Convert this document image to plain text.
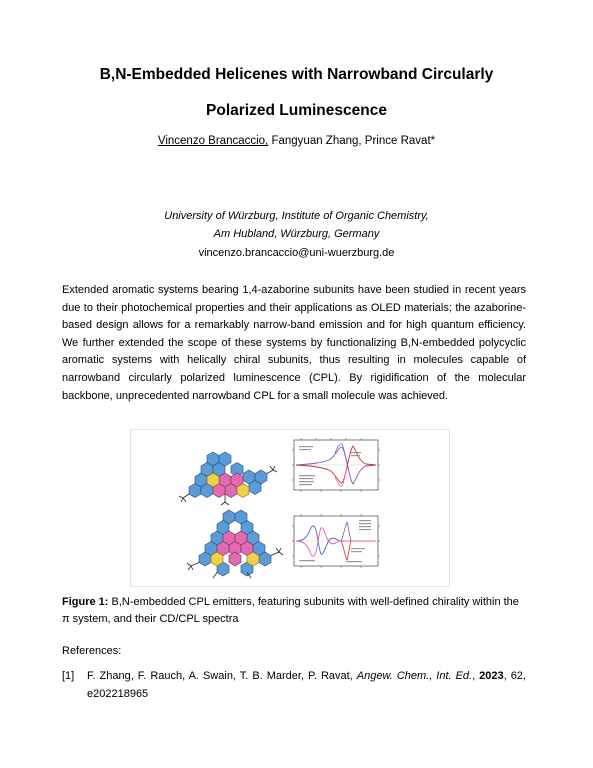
B,N-Embedded Helicenes with Narrowband Circularly
Polarized Luminescence
Vincenzo Brancaccio, Fangyuan Zhang, Prince Ravat*
University of Würzburg, Institute of Organic Chemistry,
Am Hubland, Würzburg, Germany
vincenzo.brancaccio@uni-wuerzburg.de

Extended aromatic systems bearing 1,4-azaborine subunits have been studied in recent years due to their photochemical properties and their applications as OLED materials; the azaborine-based design allows for a remarkably narrow-band emission and for high quantum efficiency. We further extended the scope of these systems by functionalizing B,N-embedded polycyclic aromatic systems with helically chiral subunits, thus resulting in molecules capable of narrowband circularly polarized luminescence (CPL). By rigidification of the molecular backbone, unprecedented narrowband CPL for a small molecule was achieved.

Figure 1: B,N-embedded CPL emitters, featuring subunits with well-defined chirality within the π system, and their CD/CPL spectra

References:
[1] F. Zhang, F. Rauch, A. Swain, T. B. Marder, P. Ravat, Angew. Chem., Int. Ed., 2023, 62, e202218965
